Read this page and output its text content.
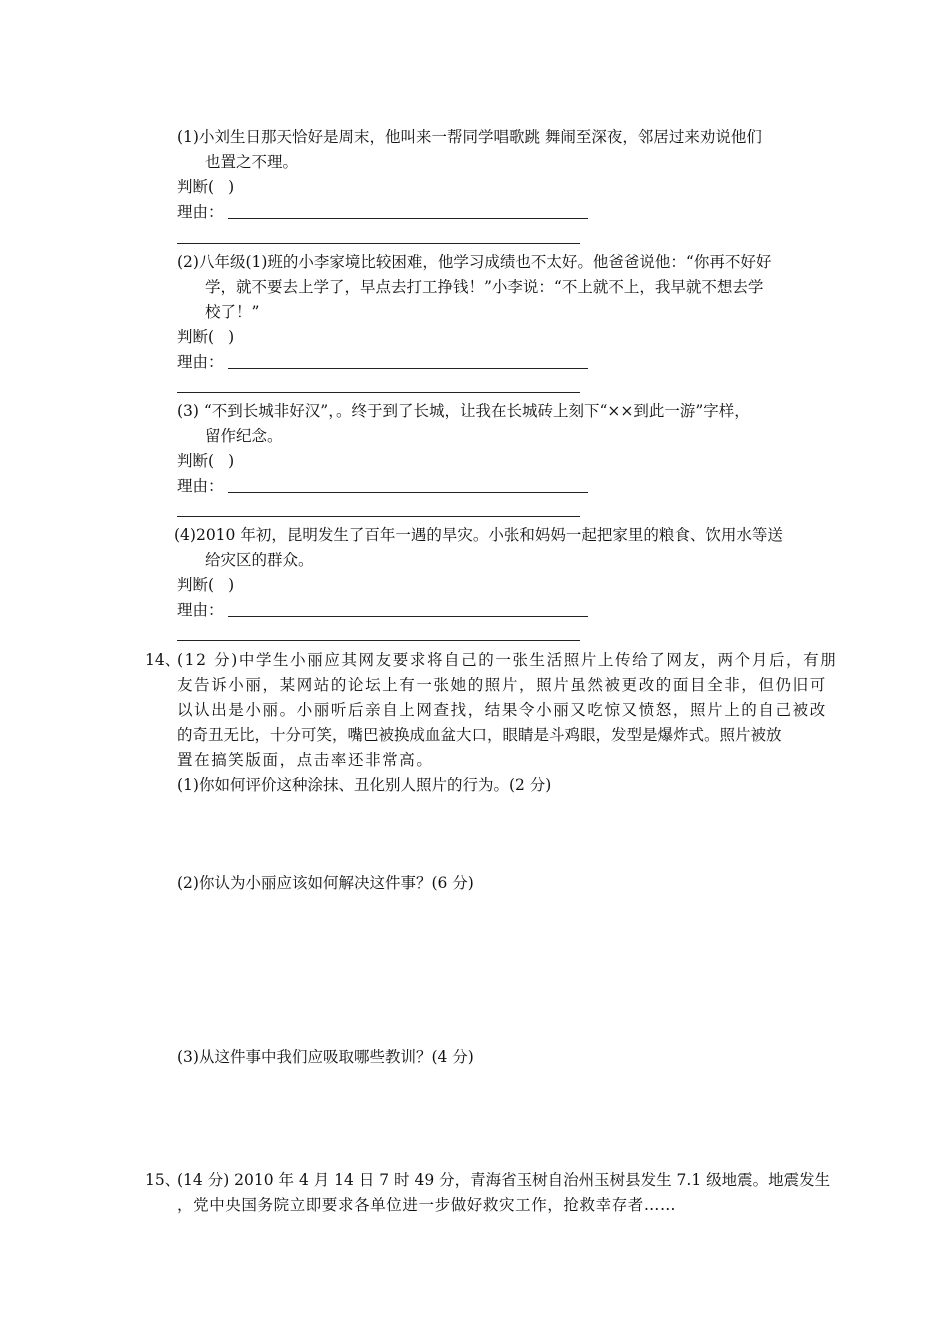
(1)小刘生日那天恰好是周末，他叫来一帮同学唱歌跳 舞闹至深夜，邻居过来劝说他们
也置之不理。
判断( )
理由：
(2)八年级(1)班的小李家境比较困难，他学习成绩也不太好。他爸爸说他：“你再不好好
学，就不要去上学了，早点去打工挣钱！”小李说：“不上就不上，我早就不想去学
校了！”
判断( )
理由：
(3) “不到长城非好汉”，。终于到了长城，让我在长城砖上刻下“××到此一游”字样，
留作纪念。
判断( )
理由：
(4)2010 年初，昆明发生了百年一遇的旱灾。小张和妈妈一起把家里的粮食、饮用水等送
给灾区的群众。
判断( )
理由：
14、
(12 分)中学生小丽应其网友要求将自己的一张生活照片上传给了网友，两个月后，有朋
友告诉小丽，某网站的论坛上有一张她的照片，照片虽然被更改的面目全非，但仍旧可
以认出是小丽。小丽听后亲自上网查找，结果令小丽又吃惊又愤怒，照片上的自己被改
的奇丑无比，十分可笑，嘴巴被换成血盆大口，眼睛是斗鸡眼，发型是爆炸式。照片被放
置在搞笑版面，点击率还非常高。
(1)你如何评价这种涂抹、丑化别人照片的行为。(2 分)
(2)你认为小丽应该如何解决这件事？(6 分)
(3)从这件事中我们应吸取哪些教训？(4 分)
15、
(14 分) 2010 年 4 月 14 日 7 时 49 分，青海省玉树自治州玉树县发生 7.1 级地震。地震发生
，党中央国务院立即要求各单位进一步做好救灾工作，抢救幸存者……
